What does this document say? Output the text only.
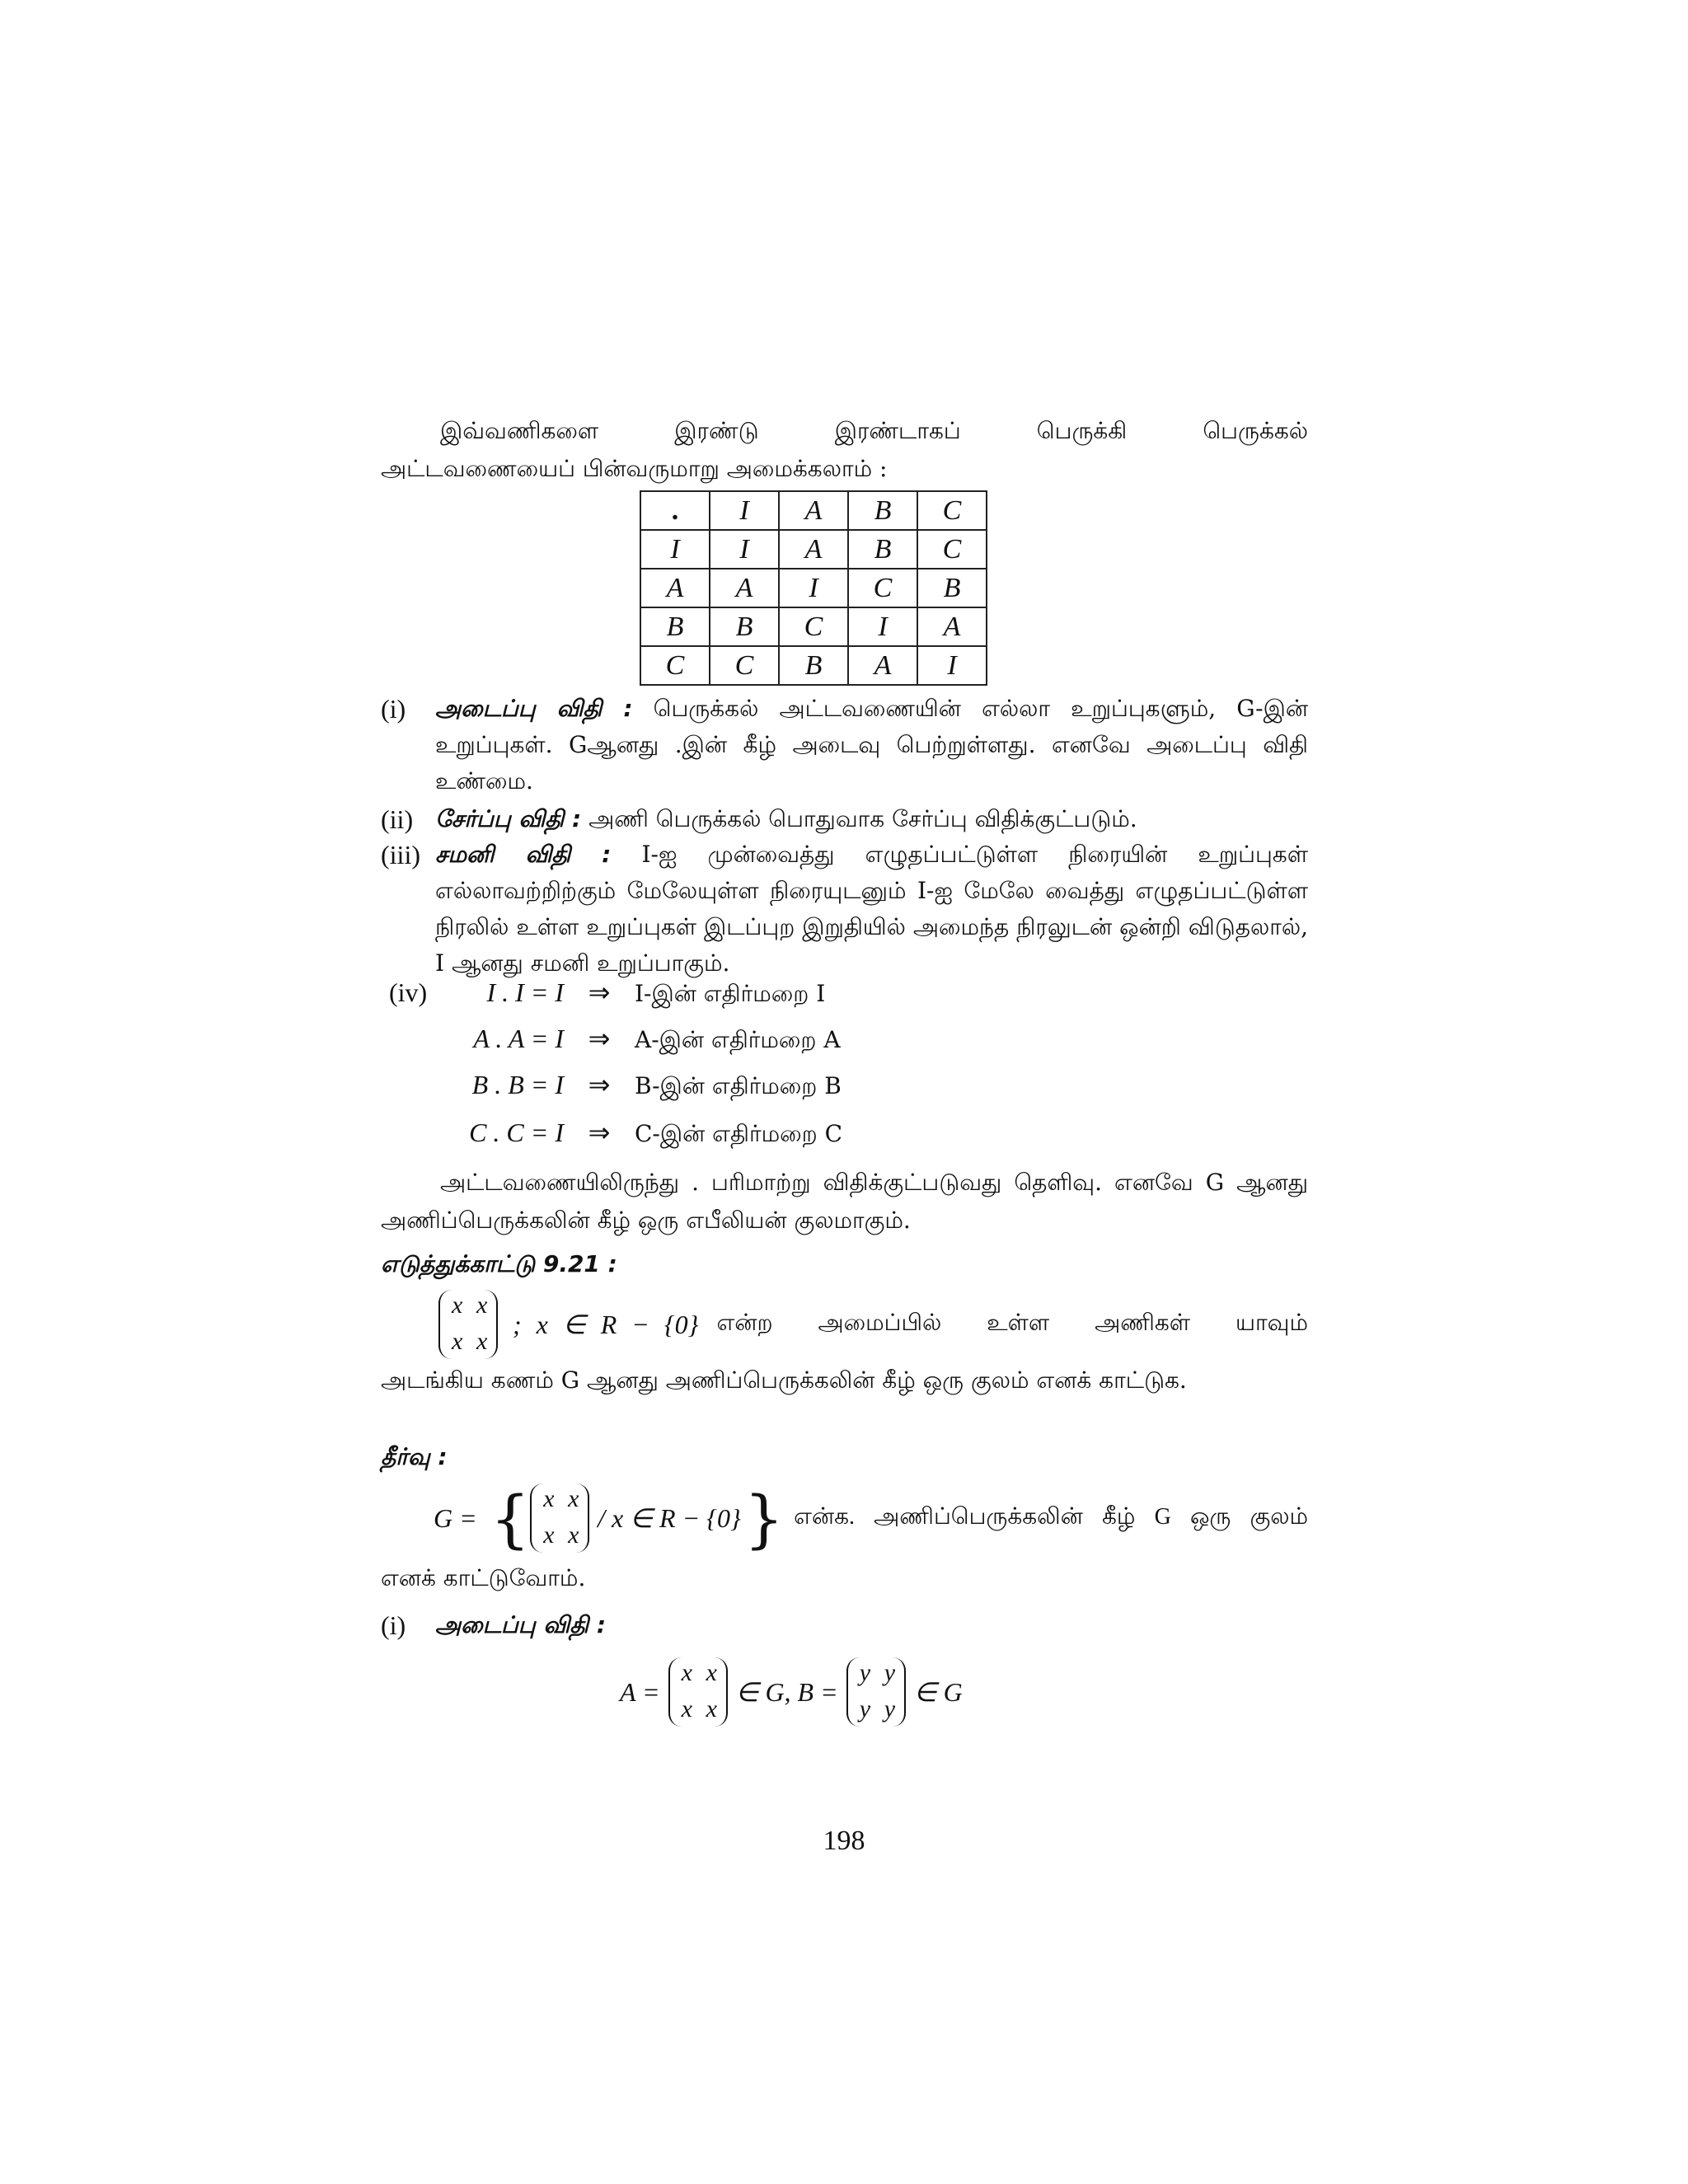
இவ்வணிகளை இரண்டு இரண்டாகப் பெருக்கி பெருக்கல்
அட்டவணையைப் பின்வருமாறு அமைக்கலாம் :
.	I	A	B	C
I	I	A	B	C
A	A	I	C	B
B	B	C	I	A
C	C	B	A	I
(i)	அடைப்பு விதி : பெருக்கல் அட்டவணையின் எல்லா உறுப்புகளும், G-இன் உறுப்புகள். Gஆனது .இன் கீழ் அடைவு பெற்றுள்ளது. எனவே அடைப்பு விதி உண்மை.
(ii) சேர்ப்பு விதி : அணி பெருக்கல் பொதுவாக சேர்ப்பு விதிக்குட்படும்.
(iii) சமனி விதி : I-ஐ முன்வைத்து எழுதப்பட்டுள்ள நிரையின் உறுப்புகள் எல்லாவற்றிற்கும் மேலேயுள்ள நிரையுடனும் I-ஐ மேலே வைத்து எழுதப்பட்டுள்ள நிரலில் உள்ள உறுப்புகள் இடப்புற இறுதியில் அமைந்த நிரலுடன் ஒன்றி விடுதலால், I ஆனது சமனி உறுப்பாகும்.
(iv)	I . I = I ⇒ I-இன் எதிர்மறை I
A . A = I ⇒ A-இன் எதிர்மறை A
B . B = I ⇒ B-இன் எதிர்மறை B
C . C = I ⇒ C-இன் எதிர்மறை C
அட்டவணையிலிருந்து . பரிமாற்று விதிக்குட்படுவது தெளிவு. எனவே G ஆனது அணிப்பெருக்கலின் கீழ் ஒரு எபீலியன் குலமாகும்.
எடுத்துக்காட்டு 9.21 :
x x
x x
; x ∈ R − {0} என்ற அமைப்பில் உள்ள அணிகள் யாவும்
அடங்கிய கணம் G ஆனது அணிப்பெருக்கலின் கீழ் ஒரு குலம் எனக் காட்டுக.
தீர்வு :
G = { x x
x x
/ x ∈ R − {0} } என்க. அணிப்பெருக்கலின் கீழ் G ஒரு குலம்
எனக் காட்டுவோம்.
(i)	அடைப்பு விதி :
A =
x x
x x
∈ G, B =
y y
y y
∈ G
198
